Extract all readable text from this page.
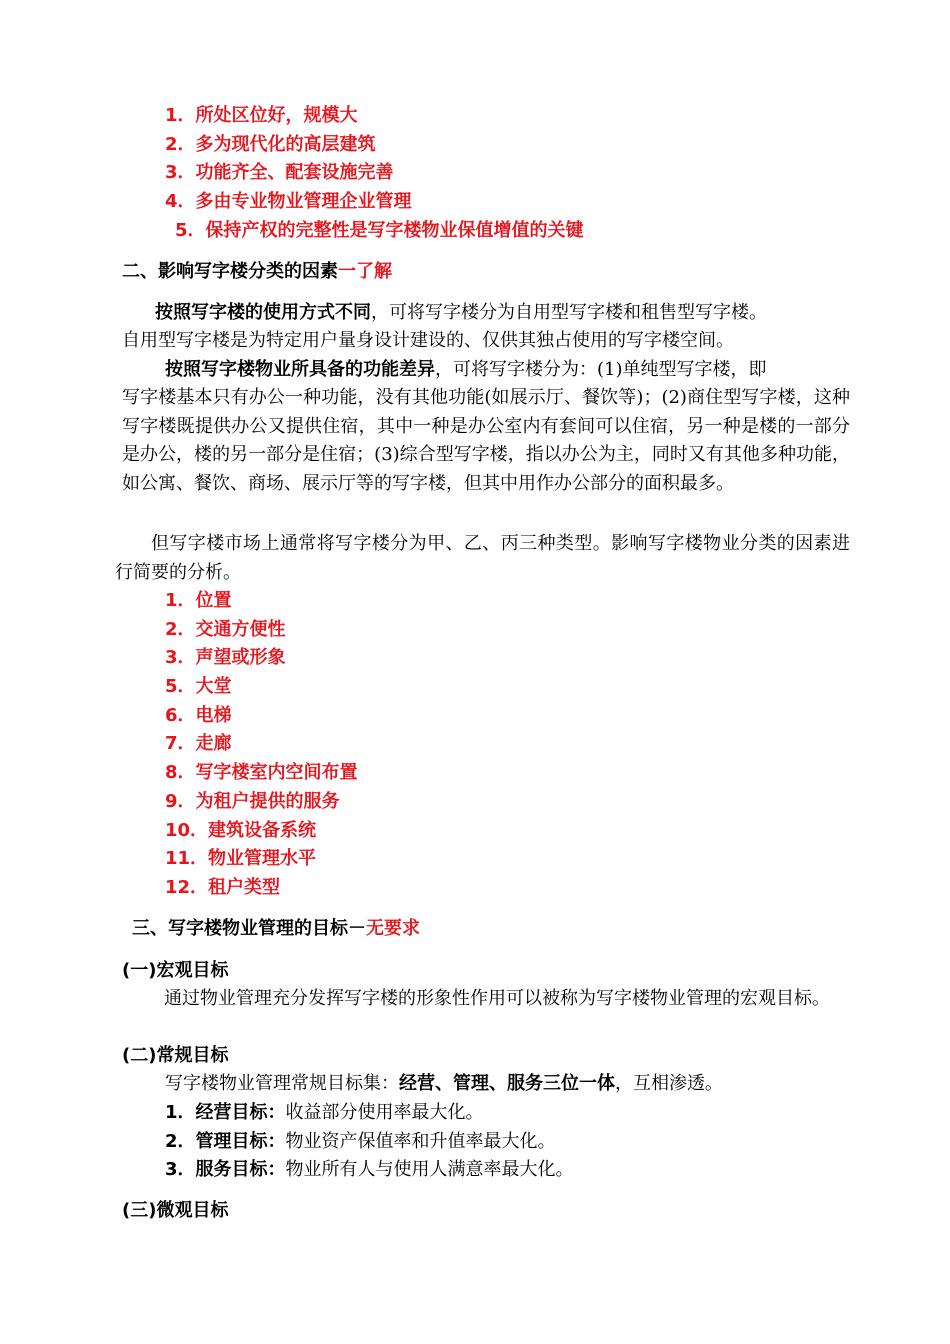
1．所处区位好，规模大
2．多为现代化的高层建筑
3．功能齐全、配套设施完善
4．多由专业物业管理企业管理
5．保持产权的完整性是写字楼物业保值增值的关键
二、影响写字楼分类的因素一了解
按照写字楼的使用方式不同，可将写字楼分为自用型写字楼和租售型写字楼。
自用型写字楼是为特定用户量身设计建设的、仅供其独占使用的写字楼空间。
按照写字楼物业所具备的功能差异，可将写字楼分为：(1)单纯型写字楼，即
写字楼基本只有办公一种功能，没有其他功能(如展示厅、餐饮等)；(2)商住型写字楼，这种写字楼既提供办公又提供住宿，其中一种是办公室内有套间可以住宿，另一种是楼的一部分是办公，楼的另一部分是住宿；(3)综合型写字楼，指以办公为主，同时又有其他多种功能，如公寓、餐饮、商场、展示厅等的写字楼，但其中用作办公部分的面积最多。
但写字楼市场上通常将写字楼分为甲、乙、丙三种类型。影响写字楼物业分类的因素进行简要的分析。
1．位置
2．交通方便性
3．声望或形象
5．大堂
6．电梯
7．走廊
8．写字楼室内空间布置
9．为租户提供的服务
10．建筑设备系统
11．物业管理水平
12．租户类型
三、写字楼物业管理的目标－无要求
(一)宏观目标
通过物业管理充分发挥写字楼的形象性作用可以被称为写字楼物业管理的宏观目标。
(二)常规目标
写字楼物业管理常规目标集：经营、管理、服务三位一体，互相渗透。
1．经营目标：收益部分使用率最大化。
2．管理目标：物业资产保值率和升值率最大化。
3．服务目标：物业所有人与使用人满意率最大化。
(三)微观目标
